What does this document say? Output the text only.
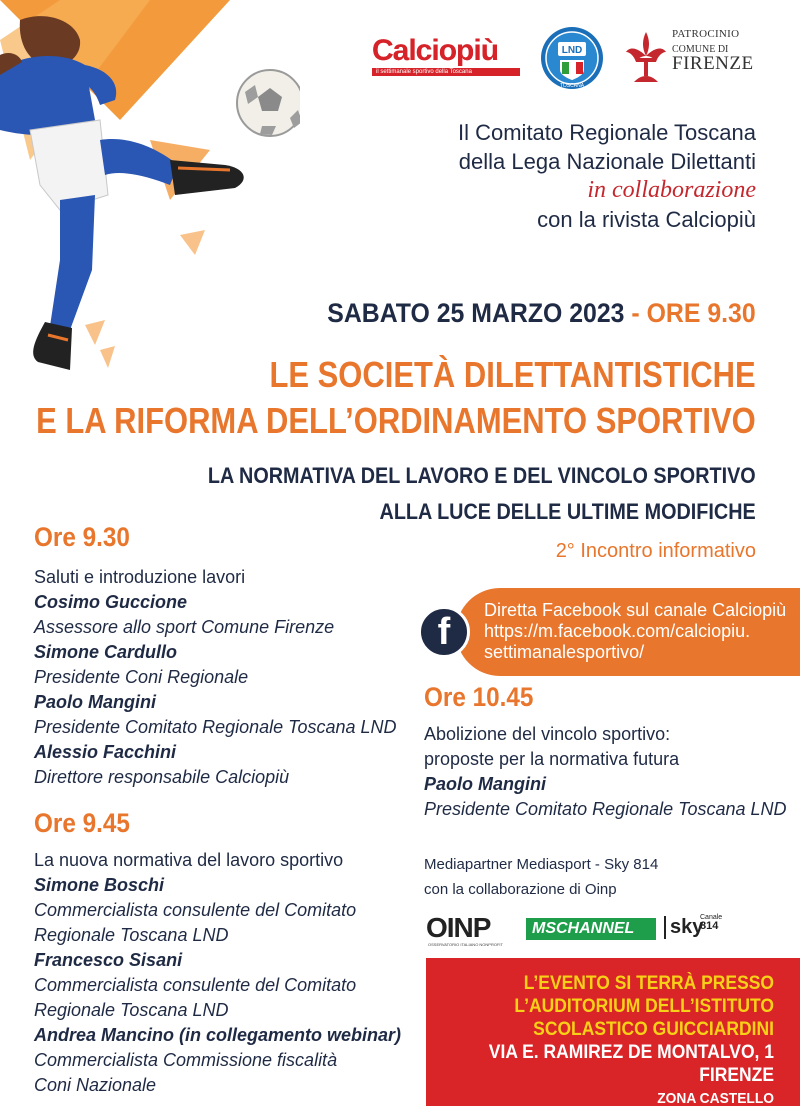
Calciopiù
il settimanale sportivo della Toscana
LND
TOSCANA
PATROCINIO
COMUNE DI
FIRENZE
Il Comitato Regionale Toscana
della Lega Nazionale Dilettanti
in collaborazione
con la rivista Calciopiù
SABATO 25 MARZO 2023 - ORE 9.30
LE SOCIETÀ DILETTANTISTICHE
E LA RIFORMA DELL’ORDINAMENTO SPORTIVO
LA NORMATIVA DEL LAVORO E DEL VINCOLO SPORTIVO
ALLA LUCE DELLE ULTIME MODIFICHE
2° Incontro informativo
Ore 9.30
Saluti e introduzione lavori
Cosimo Guccione
Assessore allo sport Comune Firenze
Simone Cardullo
Presidente Coni Regionale
Paolo Mangini
Presidente Comitato Regionale Toscana LND
Alessio Facchini
Direttore responsabile Calciopiù
Ore 9.45
La nuova normativa del lavoro sportivo
Simone Boschi
Commercialista consulente del Comitato
Regionale Toscana LND
Francesco Sisani
Commercialista consulente del Comitato
Regionale Toscana LND
Andrea Mancino (in collegamento webinar)
Commercialista Commissione fiscalità
Coni Nazionale
Diretta Facebook sul canale Calciopiù
https://m.facebook.com/calciopiu.
settimanalesportivo/
f
Ore 10.45
Abolizione del vincolo sportivo:
proposte per la normativa futura
Paolo Mangini
Presidente Comitato Regionale Toscana LND
Mediapartner Mediasport - Sky 814
con la collaborazione di Oinp
OINP
OSSERVATORIO ITALIANO NONPROFIT
MSCHANNEL	sky
Canale
814
L’EVENTO SI TERRÀ PRESSO
L’AUDITORIUM DELL’ISTITUTO
SCOLASTICO GUICCIARDINI
VIA E. RAMIREZ DE MONTALVO, 1
FIRENZE
ZONA CASTELLO
